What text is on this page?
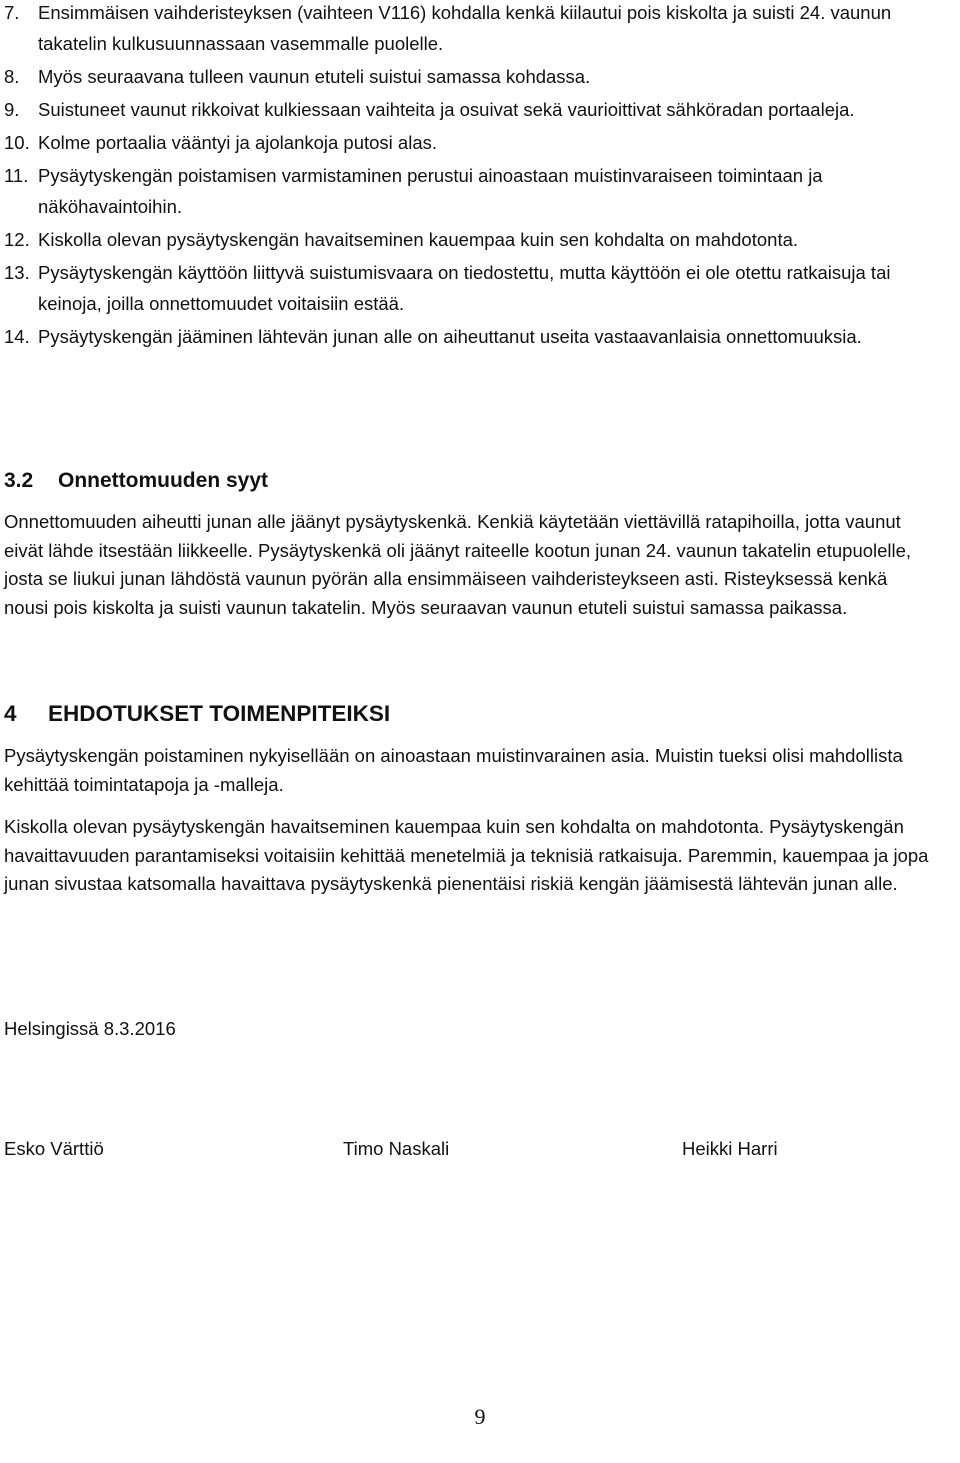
7.	Ensimmäisen vaihderisteyksen (vaihteen V116) kohdalla kenkä kiilautui pois kiskolta ja suisti 24. vaunun takatelin kulkusuunnassaan vasemmalle puolelle.
8.	Myös seuraavana tulleen vaunun etuteli suistui samassa kohdassa.
9.	Suistuneet vaunut rikkoivat kulkiessaan vaihteita ja osuivat sekä vaurioittivat sähköradan portaaleja.
10. Kolme portaalia vääntyi ja ajolankoja putosi alas.
11. Pysäytyskengän poistamisen varmistaminen perustui ainoastaan muistinvaraiseen toimintaan ja näköhavaintoihin.
12. Kiskolla olevan pysäytyskengän havaitseminen kauempaa kuin sen kohdalta on mahdotonta.
13. Pysäytyskengän käyttöön liittyvä suistumisvaara on tiedostettu, mutta käyttöön ei ole otettu ratkaisuja tai keinoja, joilla onnettomuudet voitaisiin estää.
14. Pysäytyskengän jääminen lähtevän junan alle on aiheuttanut useita vastaavanlaisia onnettomuuksia.
3.2 Onnettomuuden syyt

Onnettomuuden aiheutti junan alle jäänyt pysäytyskenkä. Kenkiä käytetään viettävillä ratapihoilla, jotta vaunut eivät lähde itsestään liikkeelle. Pysäytyskenkä oli jäänyt raiteelle kootun junan 24. vaunun takatelin etupuolelle, josta se liukui junan lähdöstä vaunun pyörän alla ensimmäiseen vaihderisteykseen asti. Risteyksessä kenkä nousi pois kiskolta ja suisti vaunun takatelin. Myös seuraavan vaunun etuteli suistui samassa paikassa.

4 EHDOTUKSET TOIMENPITEIKSI

Pysäytyskengän poistaminen nykyisellään on ainoastaan muistinvarainen asia. Muistin tueksi olisi mahdollista kehittää toimintatapoja ja -malleja.

Kiskolla olevan pysäytyskengän havaitseminen kauempaa kuin sen kohdalta on mahdotonta. Pysäytyskengän havaittavuuden parantamiseksi voitaisiin kehittää menetelmiä ja teknisiä ratkaisuja. Paremmin, kauempaa ja jopa junan sivustaa katsomalla havaittava pysäytyskenkä pienentäisi riskiä kengän jäämisestä lähtevän junan alle.

Helsingissä 8.3.2016
Esko Värttiö	Timo Naskali	Heikki Harri
9
